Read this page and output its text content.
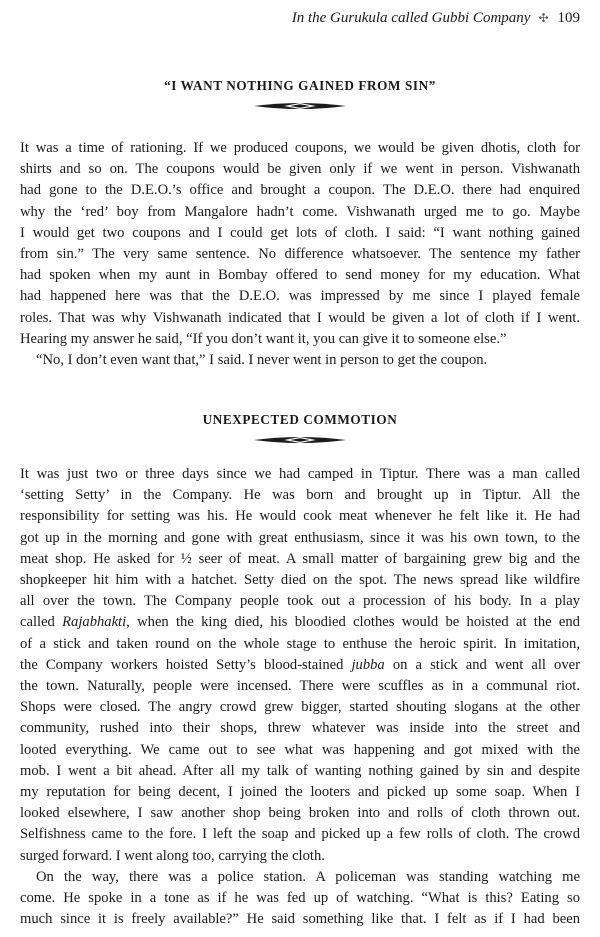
In the Gurukula called Gubbi Company ✣ 109
“I WANT NOTHING GAINED FROM SIN”

It was a time of rationing. If we produced coupons, we would be given dhotis, cloth for
shirts and so on. The coupons would be given only if we went in person. Vishwanath
had gone to the D.E.O.’s office and brought a coupon. The D.E.O. there had enquired
why the ‘red’ boy from Mangalore hadn’t come. Vishwanath urged me to go. Maybe
I would get two coupons and I could get lots of cloth. I said: “I want nothing gained
from sin.” The very same sentence. No difference whatsoever. The sentence my father
had spoken when my aunt in Bombay offered to send money for my education. What
had happened here was that the D.E.O. was impressed by me since I played female
roles. That was why Vishwanath indicated that I would be given a lot of cloth if I went.
Hearing my answer he said, “If you don’t want it, you can give it to someone else.”

“No, I don’t even want that,” I said. I never went in person to get the coupon.

UNEXPECTED COMMOTION

It was just two or three days since we had camped in Tiptur. There was a man called
‘setting Setty’ in the Company. He was born and brought up in Tiptur. All the
responsibility for setting was his. He would cook meat whenever he felt like it. He had
got up in the morning and gone with great enthusiasm, since it was his own town, to the
meat shop. He asked for ½ seer of meat. A small matter of bargaining grew big and the
shopkeeper hit him with a hatchet. Setty died on the spot. The news spread like wildfire
all over the town. The Company people took out a procession of his body. In a play
called Rajabhakti, when the king died, his bloodied clothes would be hoisted at the end
of a stick and taken round on the whole stage to enthuse the heroic spirit. In imitation,
the Company workers hoisted Setty’s blood-stained jubba on a stick and went all over
the town. Naturally, people were incensed. There were scuffles as in a communal riot.
Shops were closed. The angry crowd grew bigger, started shouting slogans at the other
community, rushed into their shops, threw whatever was inside into the street and
looted everything. We came out to see what was happening and got mixed with the
mob. I went a bit ahead. After all my talk of wanting nothing gained by sin and despite
my reputation for being decent, I joined the looters and picked up some soap. When I
looked elsewhere, I saw another shop being broken into and rolls of cloth thrown out.
Selfishness came to the fore. I left the soap and picked up a few rolls of cloth. The crowd
surged forward. I went along too, carrying the cloth.

On the way, there was a police station. A policeman was standing watching me
come. He spoke in a tone as if he was fed up of watching. “What is this? Eating so
much since it is freely available?” He said something like that. I felt as if I had been
